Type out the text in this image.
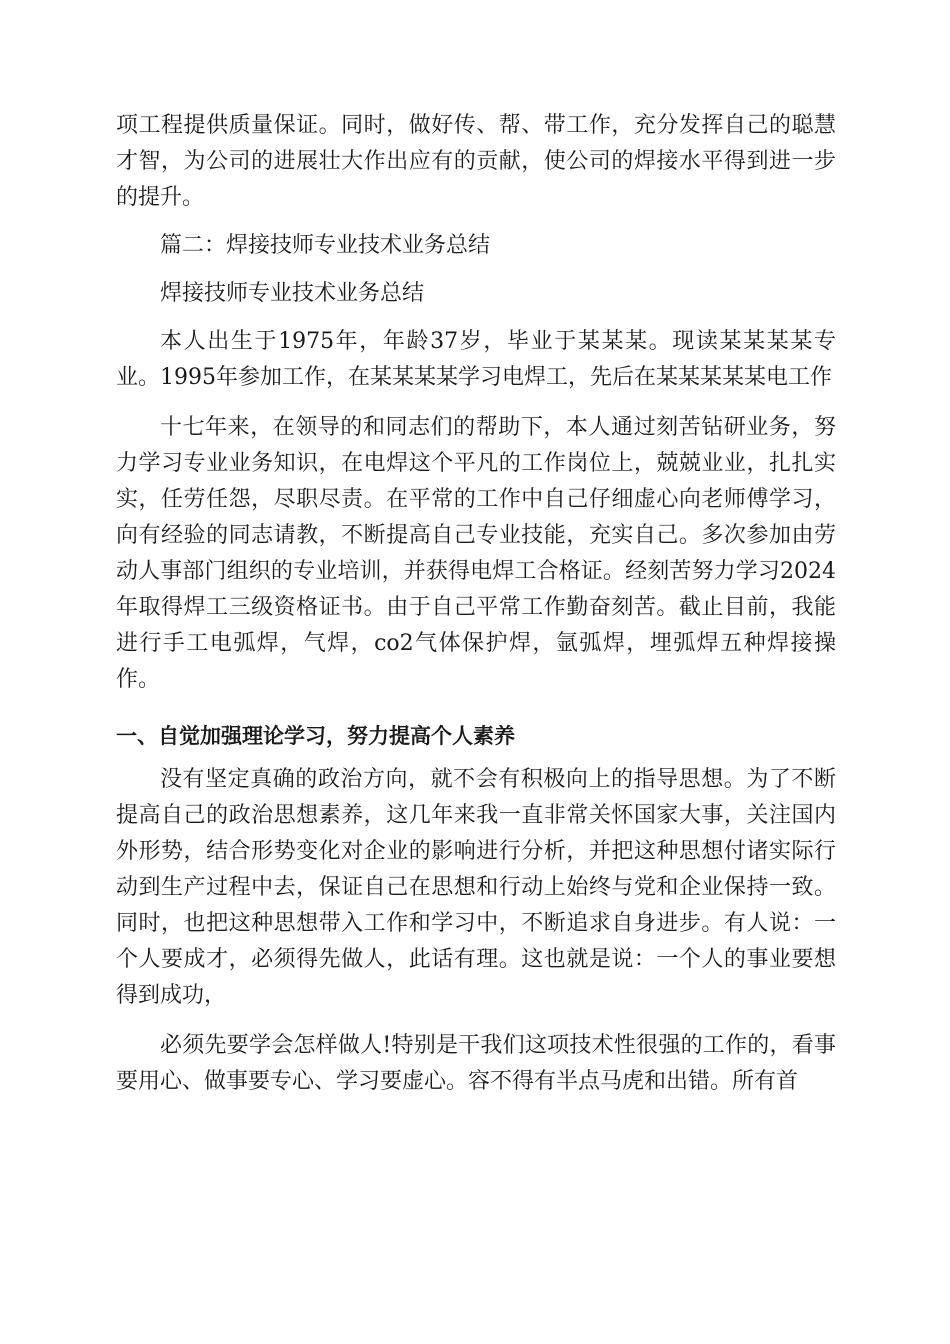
项工程提供质量保证。同时，做好传、帮、带工作，充分发挥自己的聪慧才智，为公司的进展壮大作出应有的贡献，使公司的焊接水平得到进一步的提升。

篇二：焊接技师专业技术业务总结

焊接技师专业技术业务总结

本人出生于1975年，年龄37岁，毕业于某某某。现读某某某某专业。1995年参加工作，在某某某某学习电焊工，先后在某某某某某电工作

十七年来，在领导的和同志们的帮助下，本人通过刻苦钻研业务，努力学习专业业务知识，在电焊这个平凡的工作岗位上，兢兢业业，扎扎实实，任劳任怨，尽职尽责。在平常的工作中自己仔细虚心向老师傅学习，向有经验的同志请教，不断提高自己专业技能，充实自己。多次参加由劳动人事部门组织的专业培训，并获得电焊工合格证。经刻苦努力学习2024年取得焊工三级资格证书。由于自己平常工作勤奋刻苦。截止目前，我能进行手工电弧焊，气焊，co2气体保护焊，氩弧焊，埋弧焊五种焊接操作。

一、自觉加强理论学习，努力提高个人素养

没有坚定真确的政治方向，就不会有积极向上的指导思想。为了不断提高自己的政治思想素养，这几年来我一直非常关怀国家大事，关注国内外形势，结合形势变化对企业的影响进行分析，并把这种思想付诸实际行动到生产过程中去，保证自己在思想和行动上始终与党和企业保持一致。同时，也把这种思想带入工作和学习中，不断追求自身进步。有人说：一个人要成才，必须得先做人，此话有理。这也就是说：一个人的事业要想得到成功，

必须先要学会怎样做人!特别是干我们这项技术性很强的工作的，看事要用心、做事要专心、学习要虚心。容不得有半点马虎和出错。所有首
